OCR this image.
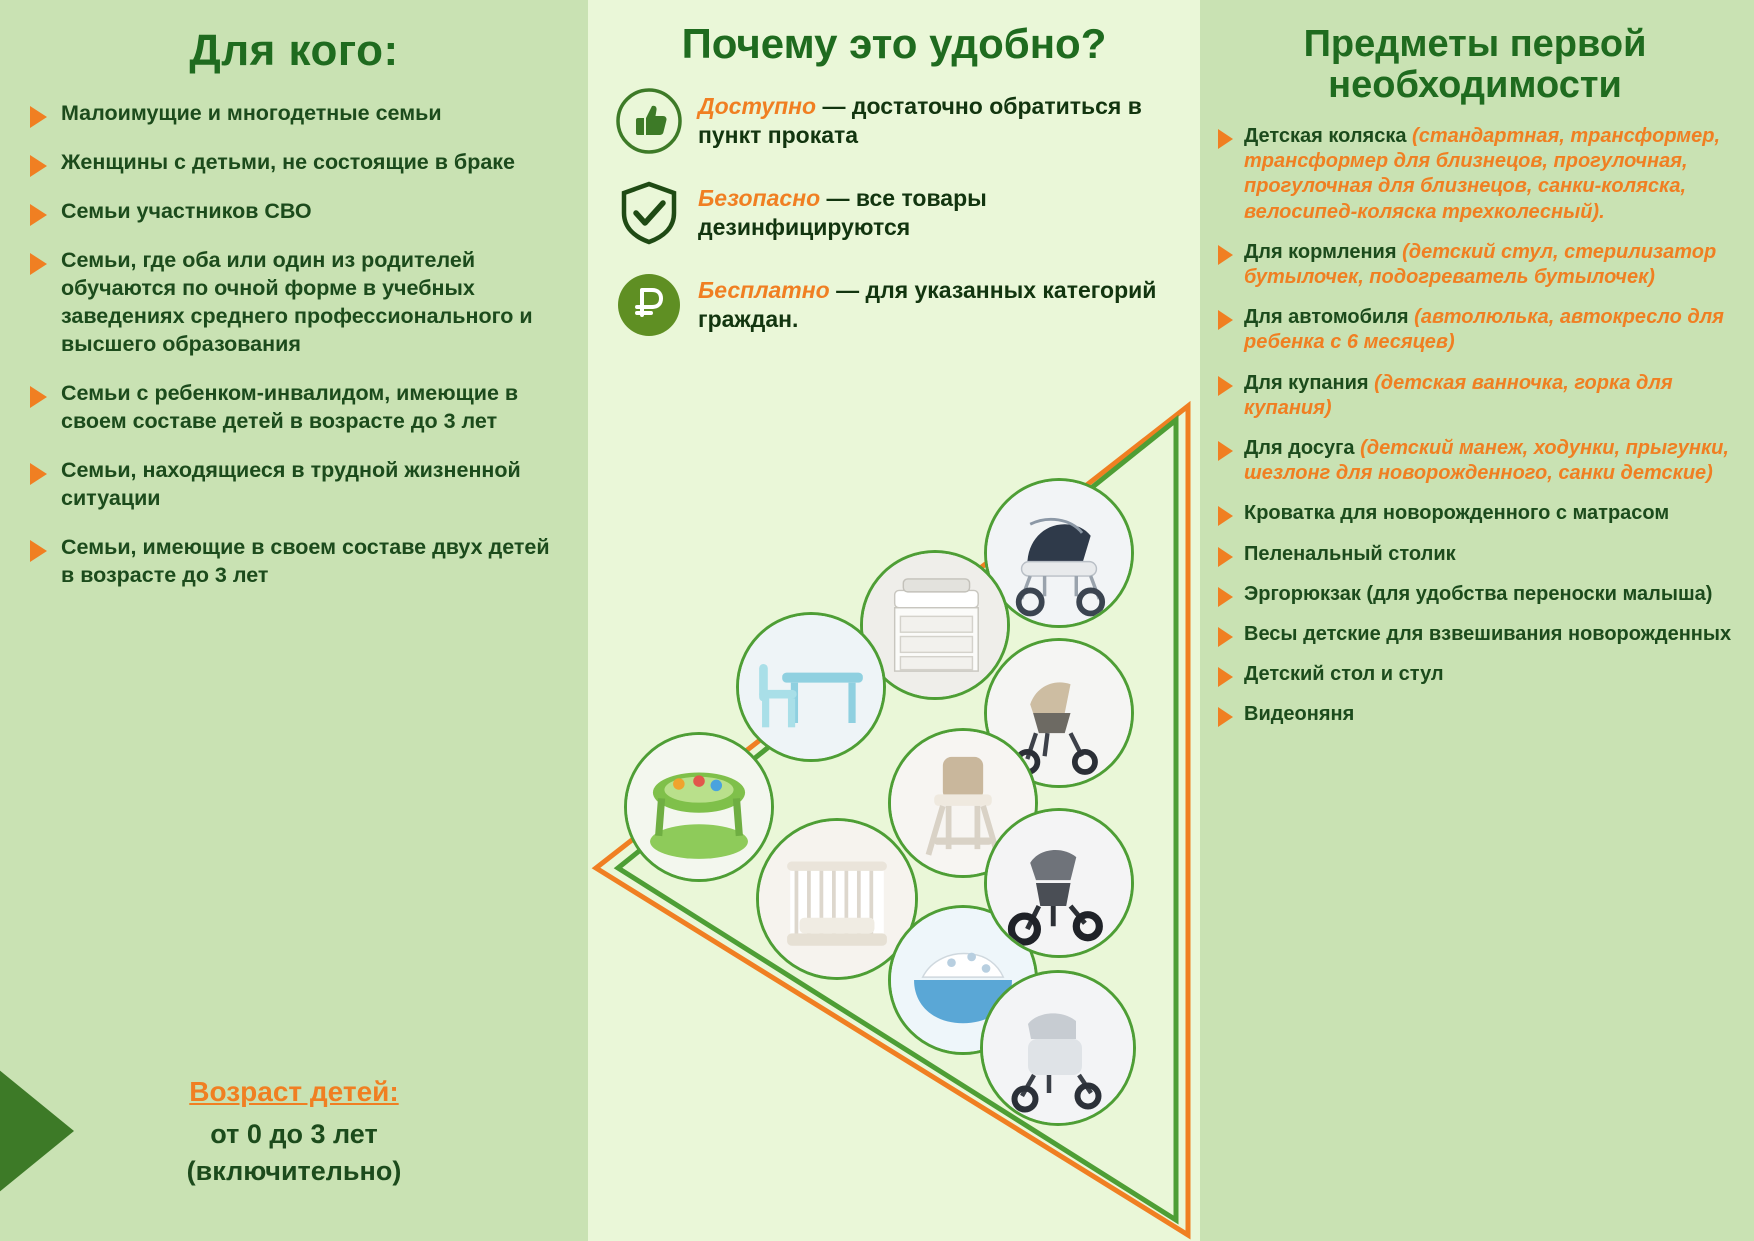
Для кого:
Малоимущие и многодетные семьи
Женщины с детьми, не состоящие в браке
Семьи участников СВО
Семьи, где оба или один из родителей обучаются по очной форме в учебных заведениях среднего профессионального и высшего образования
Семьи с ребенком-инвалидом, имеющие в своем составе детей в возрасте до 3 лет
Семьи, находящиеся в трудной жизненной ситуации
Семьи, имеющие в своем составе двух детей в возрасте до 3 лет
Возраст детей:
от 0 до 3 лет
(включительно)
Почему это удобно?
Доступно — достаточно обратиться в пункт проката
Безопасно — все товары дезинфицируются
Бесплатно — для указанных категорий граждан.
Предметы первой необходимости
Детская коляска (стандартная, трансформер, трансформер для близнецов, прогулочная, прогулочная для близнецов, санки-коляска, велосипед-коляска трехколесный).
Для кормления (детский стул, стерилизатор бутылочек, подогреватель бутылочек)
Для автомобиля (автолюлька, автокресло для ребенка с 6 месяцев)
Для купания (детская ванночка, горка для купания)
Для досуга (детский манеж, ходунки, прыгунки, шезлонг для новорожденного, санки детские)
Кроватка для новорожденного с матрасом
Пеленальный столик
Эргорюкзак (для удобства переноски малыша)
Весы детские для взвешивания новорожденных
Детский стол и стул
Видеоняня
